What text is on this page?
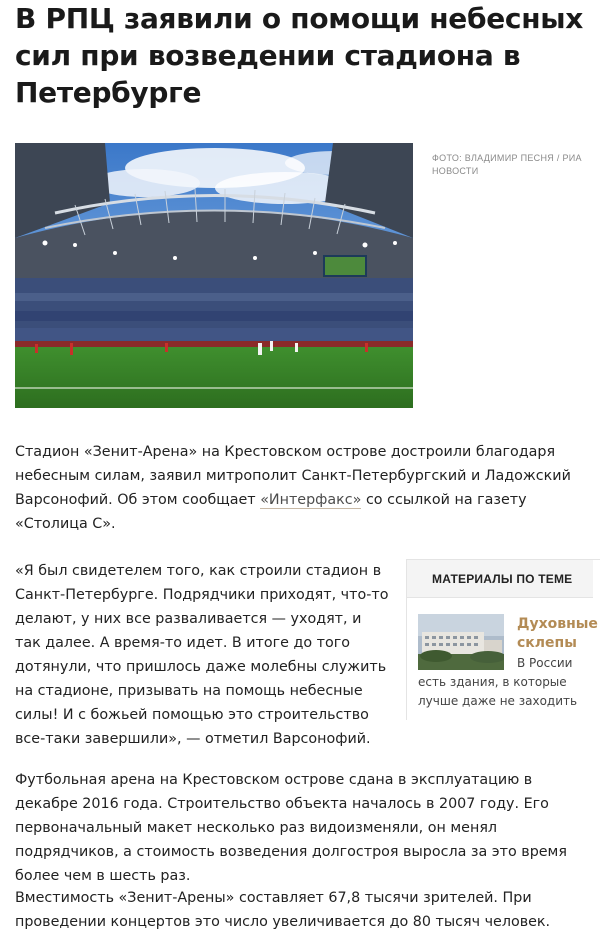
В РПЦ заявили о помощи небесных сил при возведении стадиона в Петербурге

ФОТО: ВЛАДИМИР ПЕСНЯ / РИА НОВОСТИ

Стадион «Зенит-Арена» на Крестовском острове достроили благодаря небесным силам, заявил митрополит Санкт-Петербургский и Ладожский Варсонофий. Об этом сообщает «Интерфакс» со ссылкой на газету «Столица С».

«Я был свидетелем того, как строили стадион в Санкт-Петербурге. Подрядчики приходят, что-то делают, у них все разваливается — уходят, и так далее. А время-то идет. В итоге до того дотянули, что пришлось даже молебны служить на стадионе, призывать на помощь небесные силы! И с божьей помощью это строительство все-таки завершили», — отметил Варсонофий.

МАТЕРИАЛЫ ПО ТЕМЕ

Духовные склепы

В России есть здания, в которые лучше даже не заходить

Футбольная арена на Крестовском острове сдана в эксплуатацию в декабре 2016 года. Строительство объекта началось в 2007 году. Его первоначальный макет несколько раз видоизменяли, он менял подрядчиков, а стоимость возведения долгостроя выросла за это время более чем в шесть раз.

Вместимость «Зенит-Арены» составляет 67,8 тысячи зрителей. При проведении концертов это число увеличивается до 80 тысяч человек.
